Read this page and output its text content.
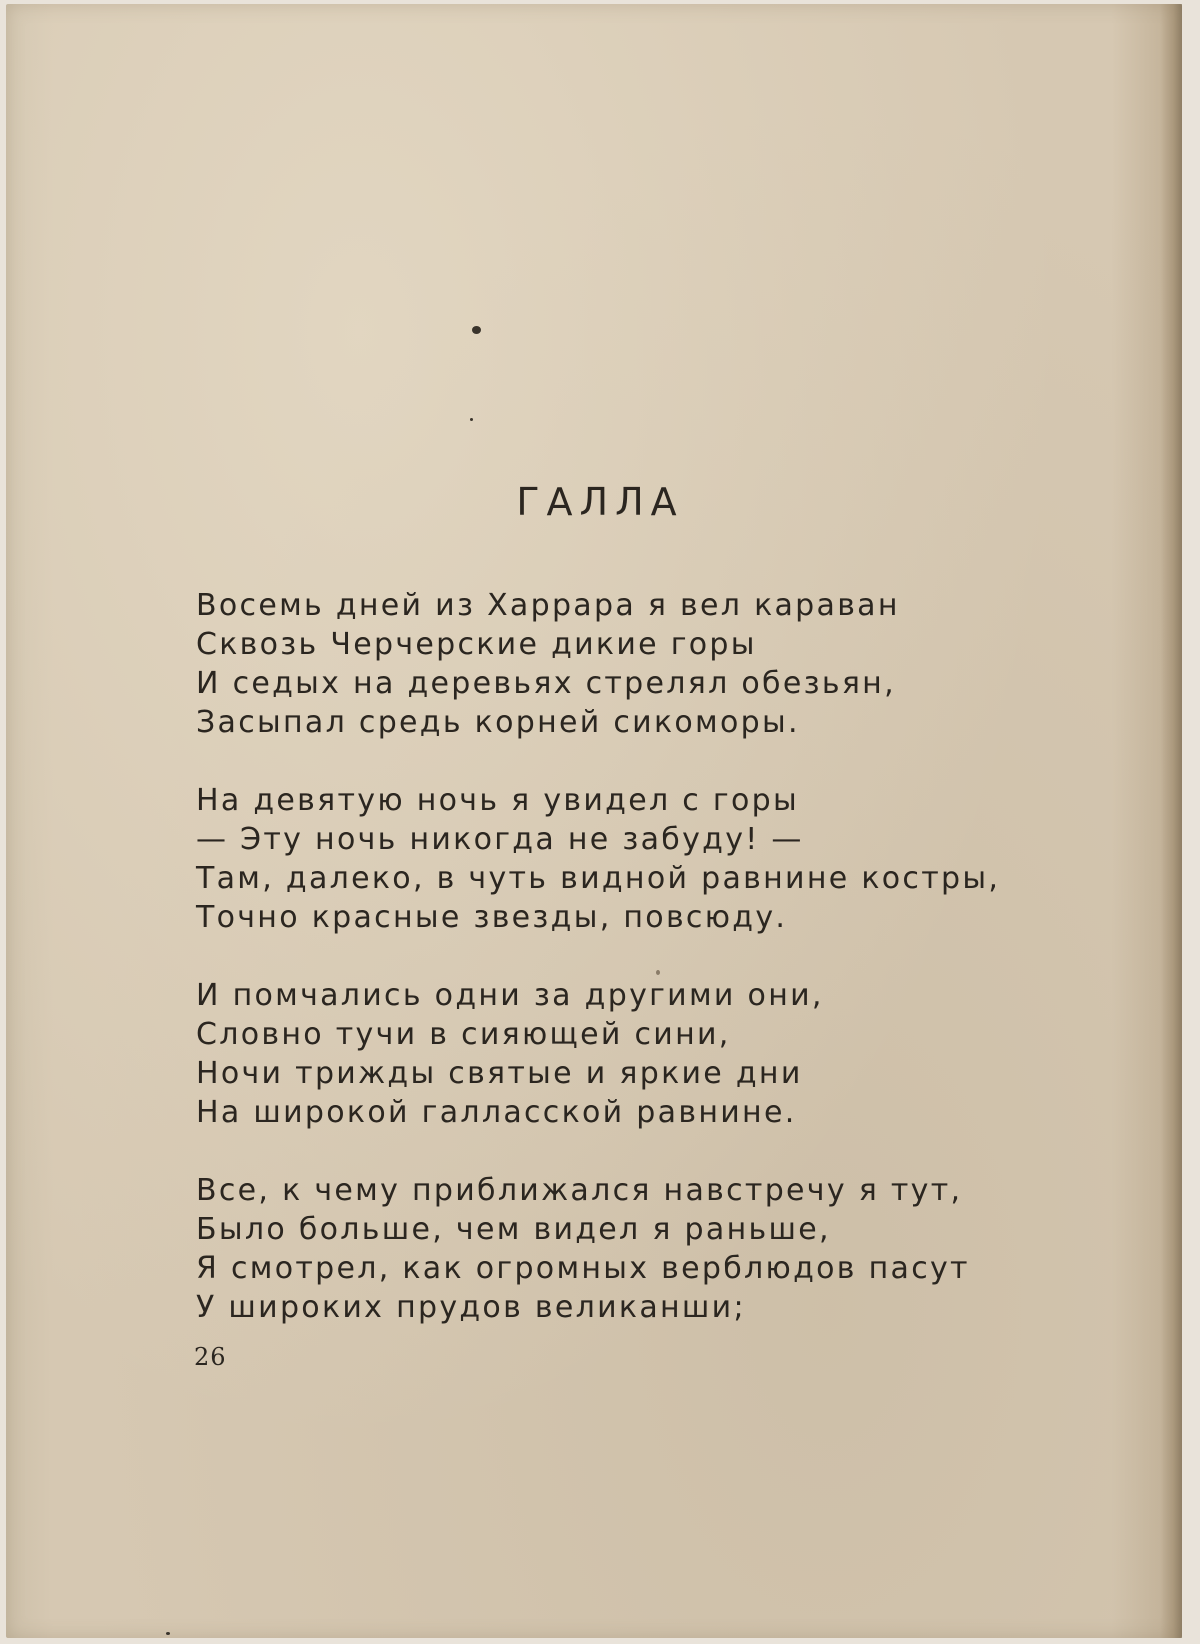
ГАЛЛА
Восемь дней из Харрара я вел караван
Сквозь Черчерские дикие горы
И седых на деревьях стрелял обезьян,
Засыпал средь корней сикоморы.
На девятую ночь я увидел с горы
— Эту ночь никогда не забуду! —
Там, далеко, в чуть видной равнине костры,
Точно красные звезды, повсюду.
И помчались одни за другими они,
Словно тучи в сияющей сини,
Ночи трижды святые и яркие дни
На широкой галласской равнине.
Все, к чему приближался навстречу я тут,
Было больше, чем видел я раньше,
Я смотрел, как огромных верблюдов пасут
У широких прудов великанши;
26
